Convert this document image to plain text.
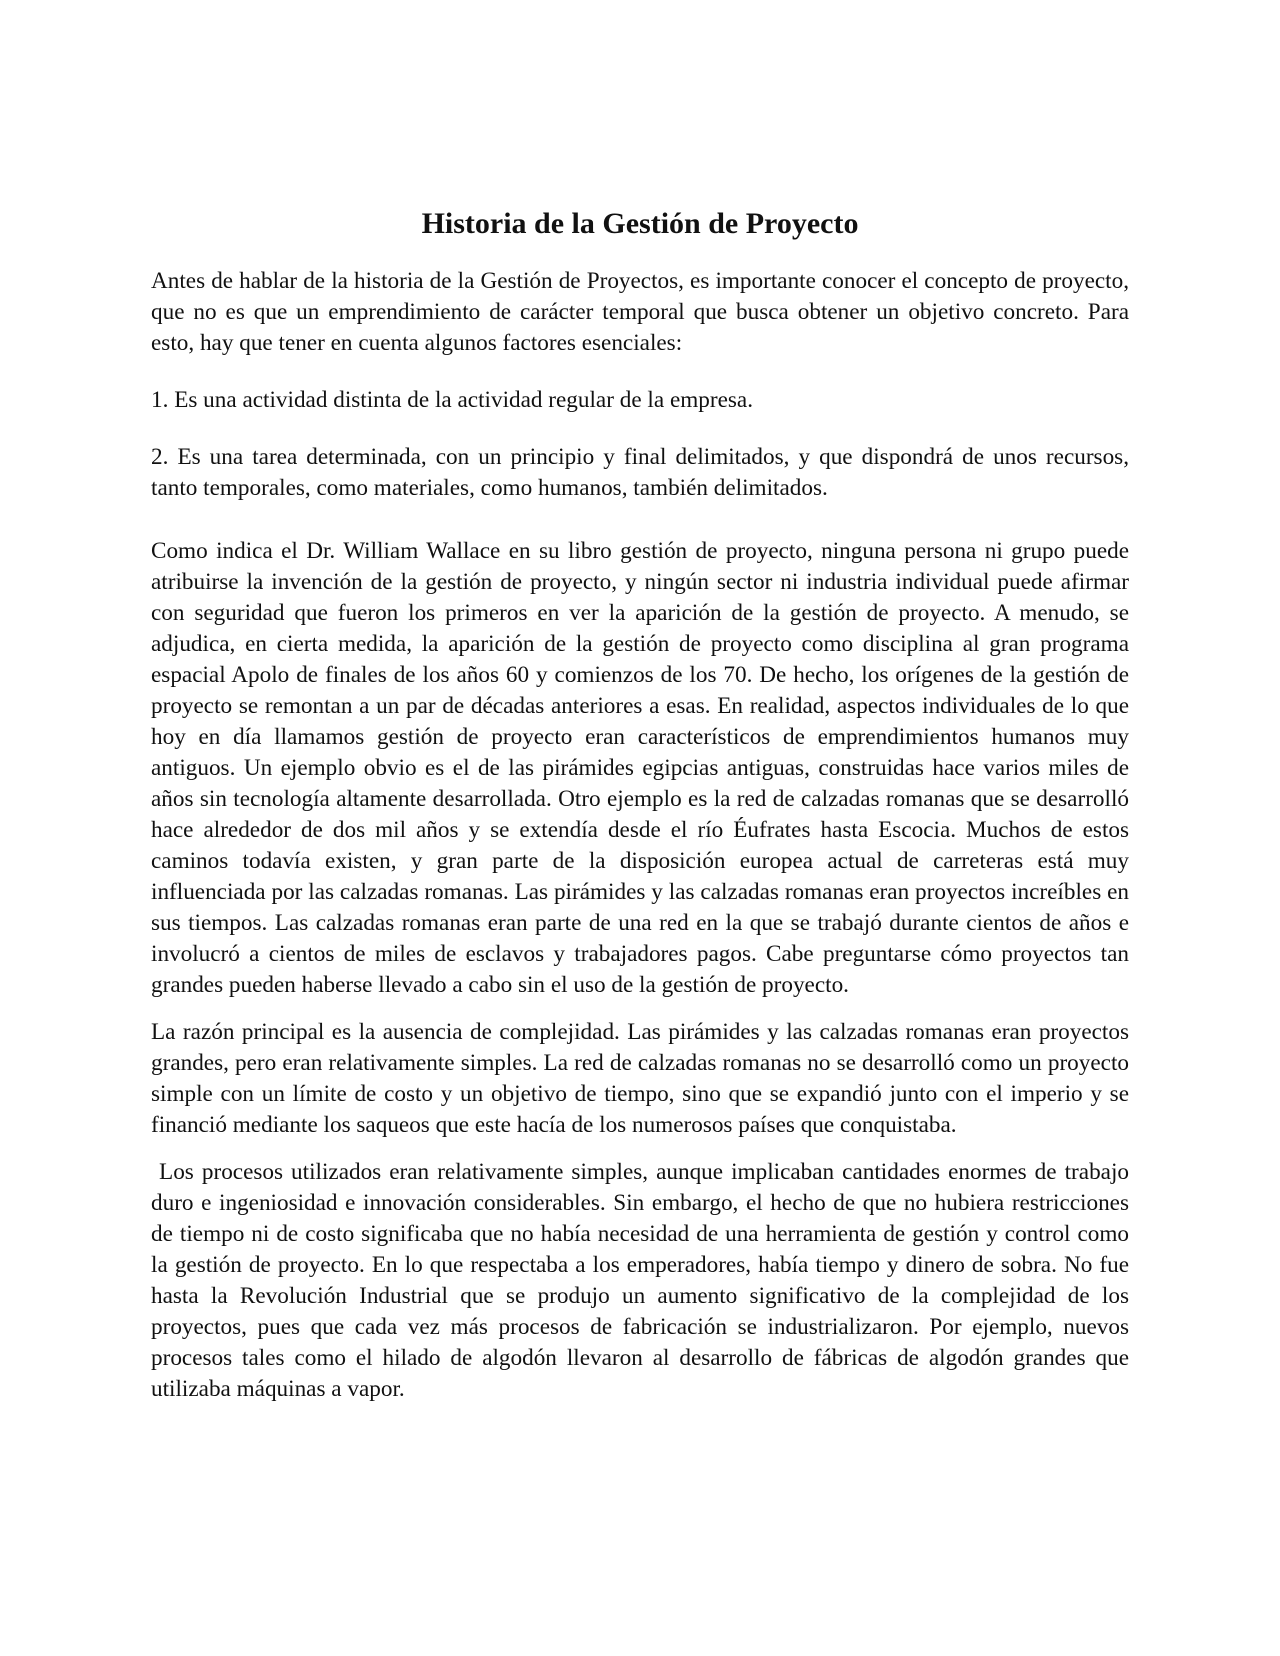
Historia de la Gestión de Proyecto

Antes de hablar de la historia de la Gestión de Proyectos, es importante conocer el concepto de proyecto, que no es que un emprendimiento de carácter temporal que busca obtener un objetivo concreto. Para esto, hay que tener en cuenta algunos factores esenciales:

1. Es una actividad distinta de la actividad regular de la empresa.

2. Es una tarea determinada, con un principio y final delimitados, y que dispondrá de unos recursos, tanto temporales, como materiales, como humanos, también delimitados.

Como indica el Dr. William Wallace en su libro gestión de proyecto, ninguna persona ni grupo puede atribuirse la invención de la gestión de proyecto, y ningún sector ni industria individual puede afirmar con seguridad que fueron los primeros en ver la aparición de la gestión de proyecto. A menudo, se adjudica, en cierta medida, la aparición de la gestión de proyecto como disciplina al gran programa espacial Apolo de finales de los años 60 y comienzos de los 70. De hecho, los orígenes de la gestión de proyecto se remontan a un par de décadas anteriores a esas. En realidad, aspectos individuales de lo que hoy en día llamamos gestión de proyecto eran característicos de emprendimientos humanos muy antiguos. Un ejemplo obvio es el de las pirámides egipcias antiguas, construidas hace varios miles de años sin tecnología altamente desarrollada. Otro ejemplo es la red de calzadas romanas que se desarrolló hace alrededor de dos mil años y se extendía desde el río Éufrates hasta Escocia. Muchos de estos caminos todavía existen, y gran parte de la disposición europea actual de carreteras está muy influenciada por las calzadas romanas. Las pirámides y las calzadas romanas eran proyectos increíbles en sus tiempos. Las calzadas romanas eran parte de una red en la que se trabajó durante cientos de años e involucró a cientos de miles de esclavos y trabajadores pagos. Cabe preguntarse cómo proyectos tan grandes pueden haberse llevado a cabo sin el uso de la gestión de proyecto.

La razón principal es la ausencia de complejidad. Las pirámides y las calzadas romanas eran proyectos grandes, pero eran relativamente simples. La red de calzadas romanas no se desarrolló como un proyecto simple con un límite de costo y un objetivo de tiempo, sino que se expandió junto con el imperio y se financió mediante los saqueos que este hacía de los numerosos países que conquistaba.

Los procesos utilizados eran relativamente simples, aunque implicaban cantidades enormes de trabajo duro e ingeniosidad e innovación considerables. Sin embargo, el hecho de que no hubiera restricciones de tiempo ni de costo significaba que no había necesidad de una herramienta de gestión y control como la gestión de proyecto. En lo que respectaba a los emperadores, había tiempo y dinero de sobra. No fue hasta la Revolución Industrial que se produjo un aumento significativo de la complejidad de los proyectos, pues que cada vez más procesos de fabricación se industrializaron. Por ejemplo, nuevos procesos tales como el hilado de algodón llevaron al desarrollo de fábricas de algodón grandes que utilizaba máquinas a vapor.
